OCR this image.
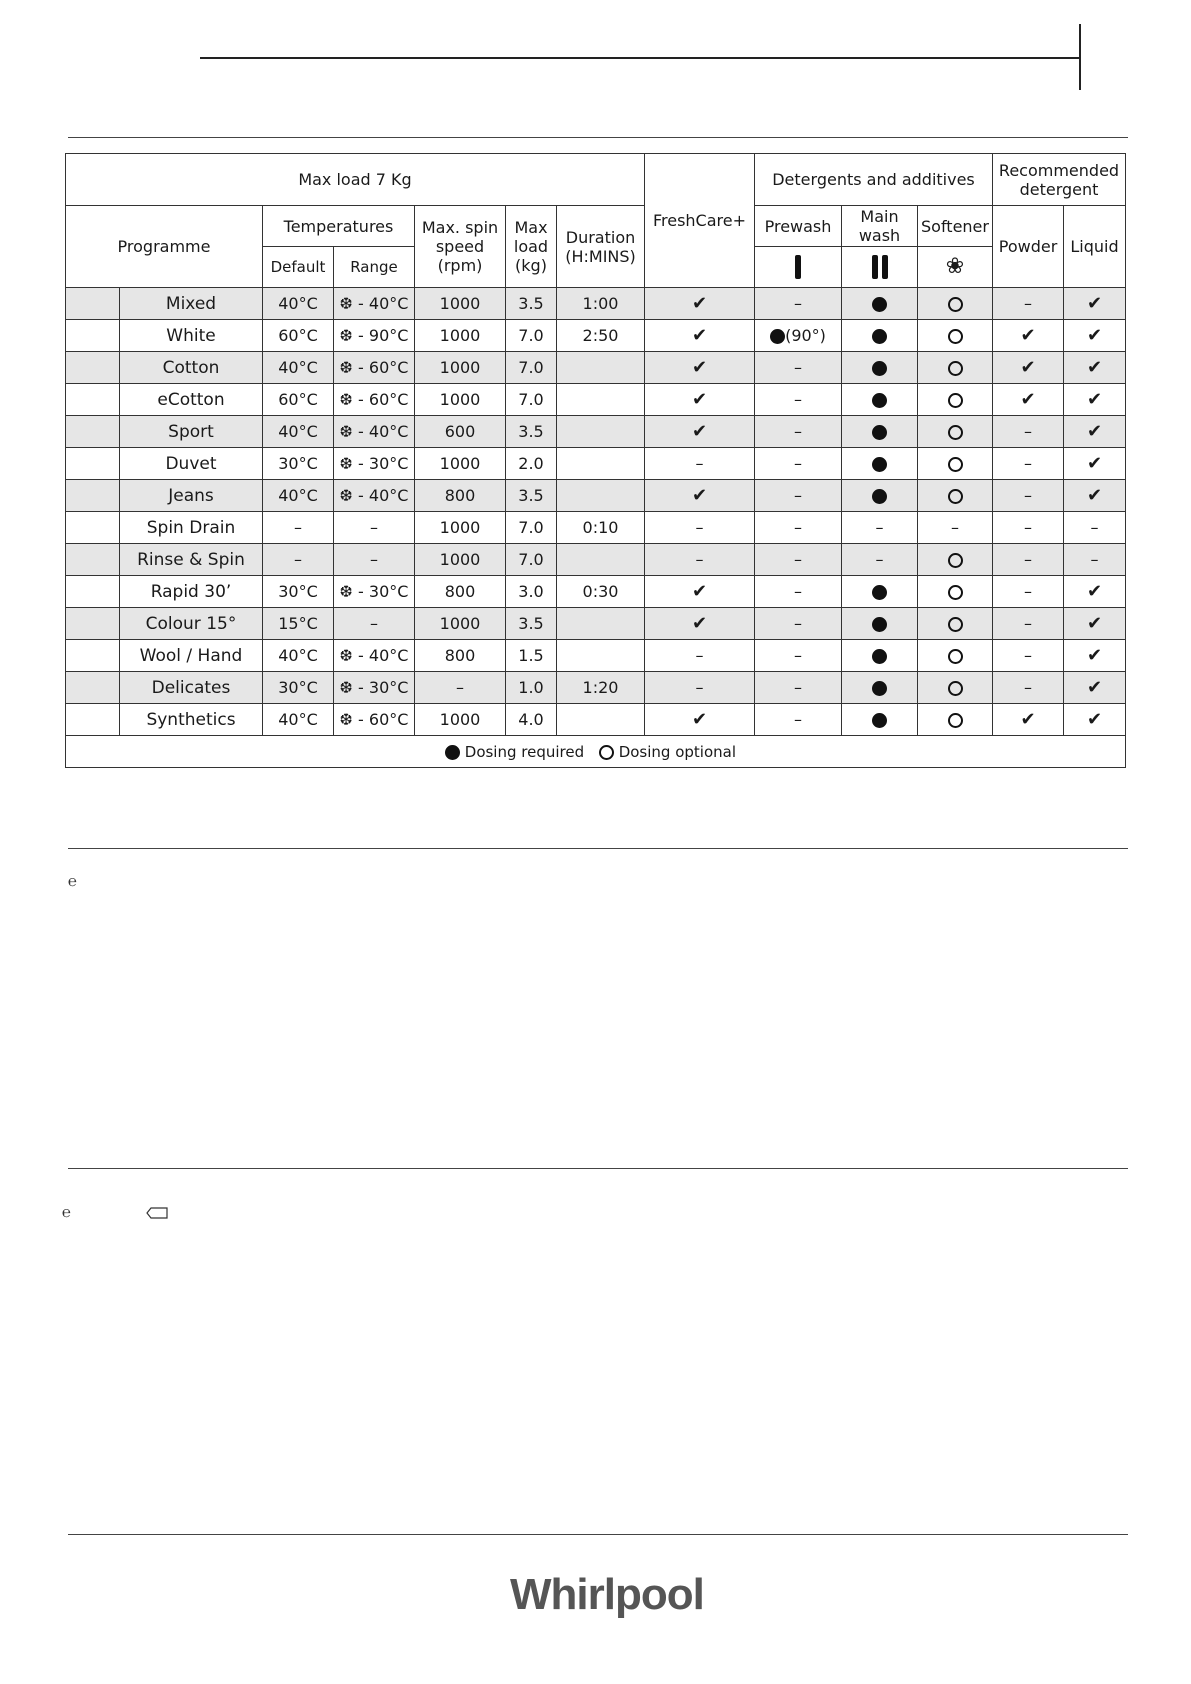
Max load 7 Kg							FreshCare+	Detergents and additives			Recommended detergent	
Programme		Temperatures		Max. spin speed (rpm)	Max load (kg)	Duration (H:MINS)		Prewash	Main wash	Softener	Powder	Liquid
		Default	Range							❀		
	Mixed	40°C	❆ - 40°C	1000	3.5	1:00	✔	–			–	✔
	White	60°C	❆ - 90°C	1000	7.0	2:50	✔	(90°)			✔	✔
	Cotton	40°C	❆ - 60°C	1000	7.0		✔	–			✔	✔
	eCotton	60°C	❆ - 60°C	1000	7.0		✔	–			✔	✔
	Sport	40°C	❆ - 40°C	600	3.5		✔	–			–	✔
	Duvet	30°C	❆ - 30°C	1000	2.0		–	–			–	✔
	Jeans	40°C	❆ - 40°C	800	3.5		✔	–			–	✔
	Spin Drain	–	–	1000	7.0	0:10	–	–	–	–	–	–
	Rinse & Spin	–	–	1000	7.0		–	–	–		–	–
	Rapid 30’	30°C	❆ - 30°C	800	3.0	0:30	✔	–			–	✔
	Colour 15°	15°C	–	1000	3.5		✔	–			–	✔
	Wool / Hand	40°C	❆ - 40°C	800	1.5		–	–			–	✔
	Delicates	30°C	❆ - 30°C	–	1.0	1:20	–	–			–	✔
	Synthetics	40°C	❆ - 60°C	1000	4.0		✔	–			✔	✔
Dosing required Dosing optional												
℮
℮
Whirlpool
